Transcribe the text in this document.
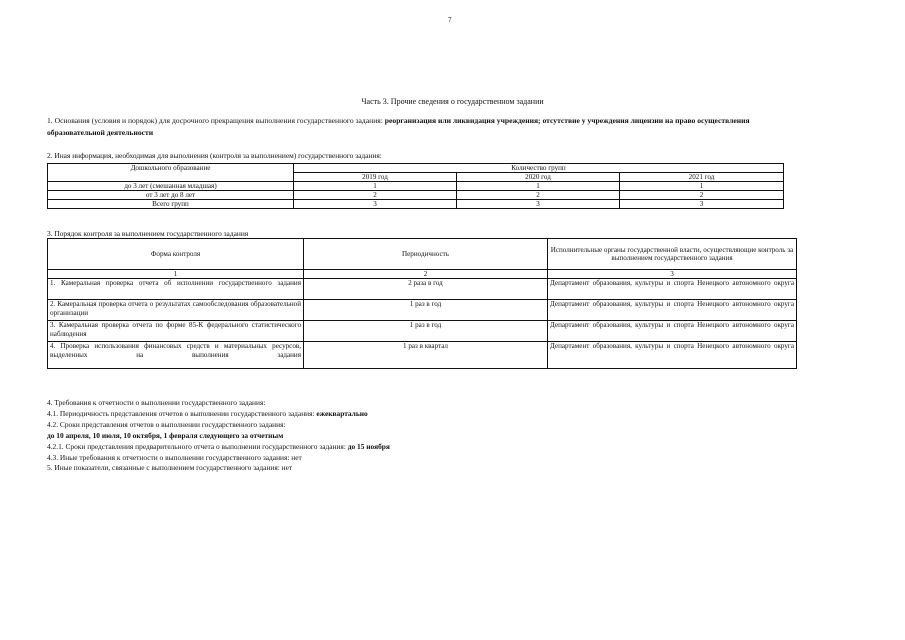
7
Часть 3. Прочие сведения о государственном задании
1. Основания (условия и порядок) для досрочного прекращения выполнения государственного задания: реорганизация или ликвидация учреждения; отсутствие у учреждения лицензии на право осуществления образовательной деятельности
2. Иная информация, необходимая для выполнения (контроля за выполнением) государственного задания:
Дошкольного образование	Количество групп		
	2019 год	2020 год	2021 год
до 3 лет (смешанная младшая)	1	1	1
от 3 лет до 8 лет	2	2	2
Всего групп	3	3	3
3. Порядок контроля за выполнением государственного задания
Форма контроля	Периодичность	Исполнительные органы государственной власти, осуществляющие контроль за выполнением государственного задания
1	2	3
1. Камеральная проверка отчета об исполнении государственного задания	2 раза в год	Департамент образования, культуры и спорта Ненецкого автономного округа
2. Камеральная проверка отчета о результатах самообследования образовательной организации	1 раз в год	Департамент образования, культуры и спорта Ненецкого автономного округа
3. Камеральная проверка отчета по форме 85-К федерального статистического наблюдения	1 раз в год	Департамент образования, культуры и спорта Ненецкого автономного округа
4. Проверка использования финансовых средств и материальных ресурсов, выделенных на выполнения задания	1 раз в квартал	Департамент образования, культуры и спорта Ненецкого автономного округа
4. Требования к отчетности о выполнении государственного задания:
4.1. Периодичность представления отчетов о выполнении государственного задания: ежеквартально
4.2. Сроки представления отчетов о выполнении государственного задания:
до 10 апреля, 10 июля, 10 октября, 1 февраля следующего за отчетным
4.2.1. Сроки представления предварительного отчета о выполнении государственного задания: до 15 ноября
4.3. Иные требования к отчетности о выполнении государственного задания: нет
5. Иные показатели, связанные с выполнением государственного задания: нет
